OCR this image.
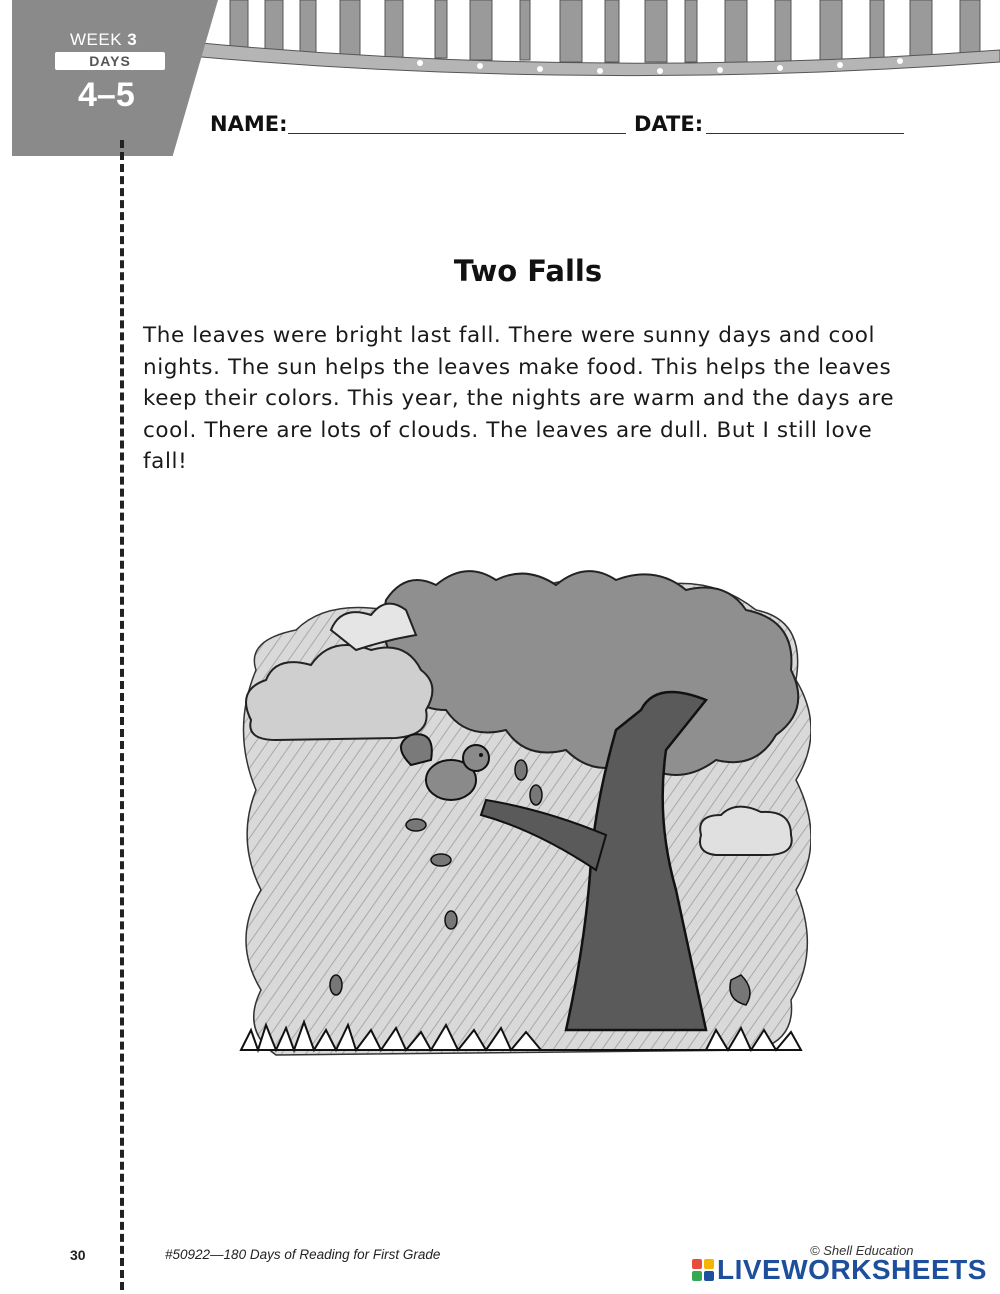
WEEK 3
DAYS
4–5
NAME:	DATE:
Two Falls
The leaves were bright last fall. There were sunny days and cool nights. The sun helps the leaves make food. This helps the leaves keep their colors. This year, the nights are warm and the days are cool. There are lots of clouds. The leaves are dull. But I still love fall!
30	#50922—180 Days of Reading for First Grade	© Shell Education
LIVEWORKSHEETS
